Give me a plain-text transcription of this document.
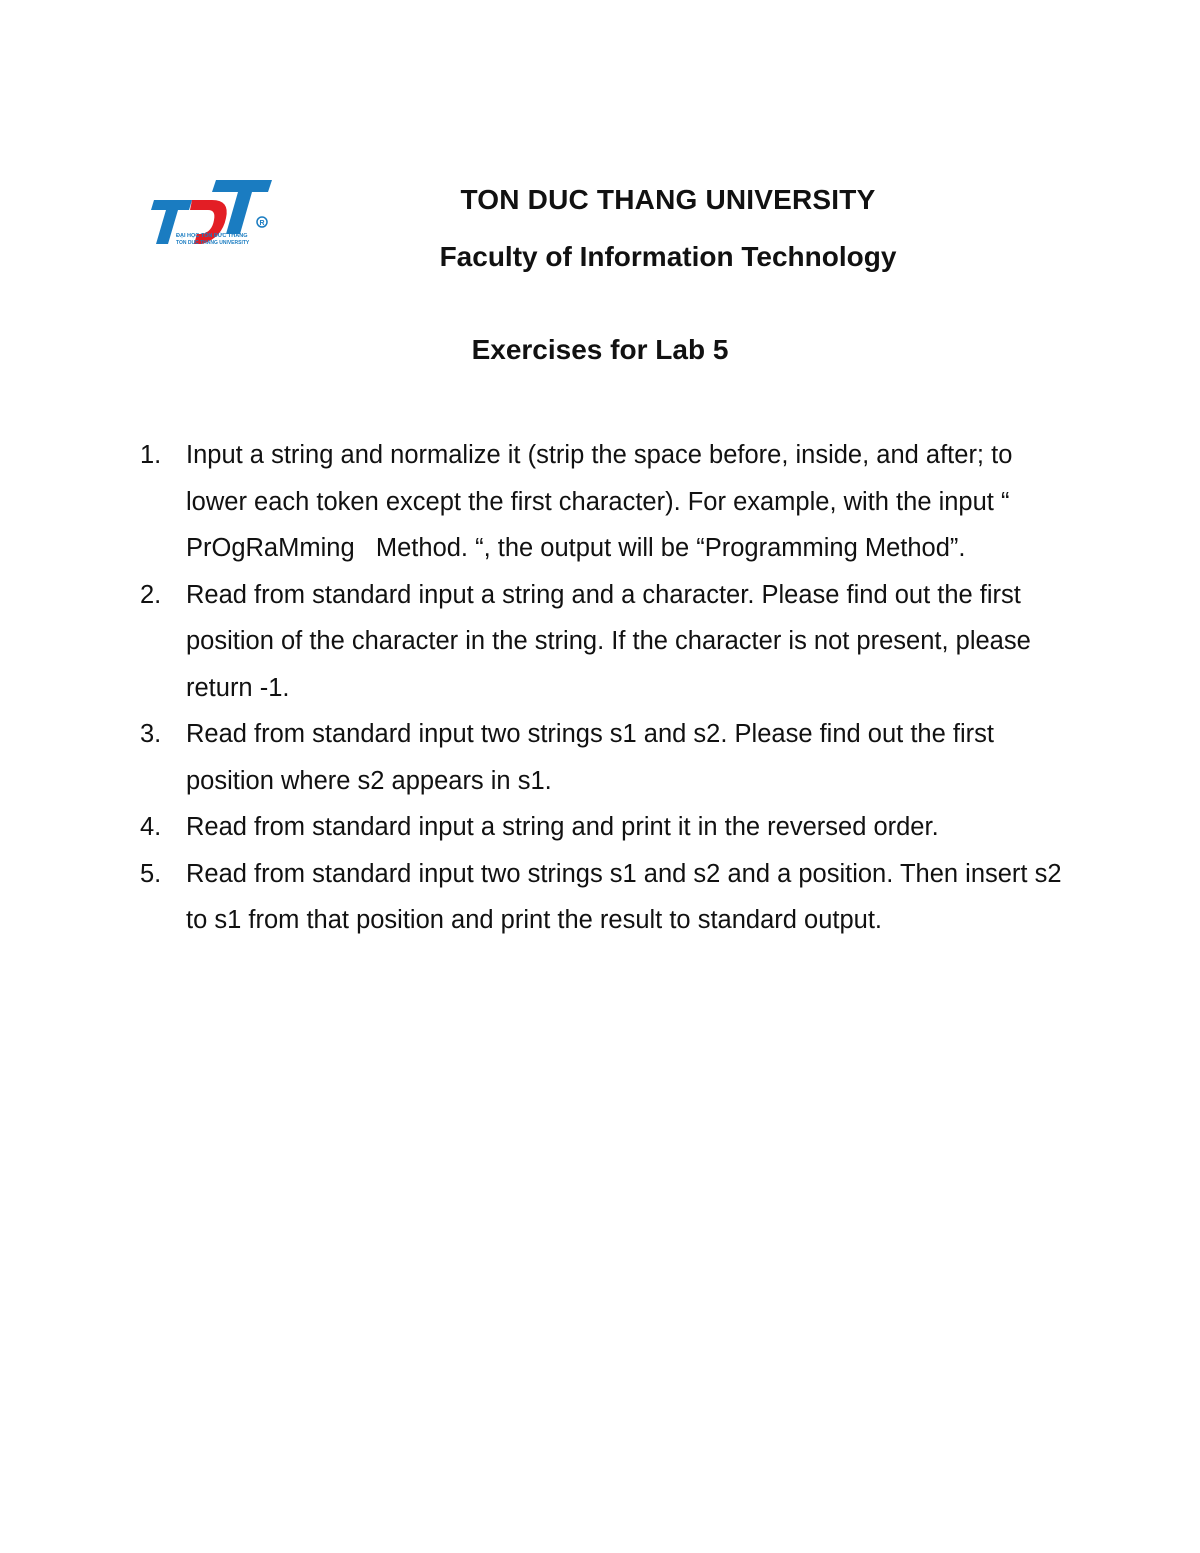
R
ĐẠI HỌC TÔN ĐỨC THẮNG
TON DUC THANG UNIVERSITY
TON DUC THANG UNIVERSITY
Faculty of Information Technology
Exercises for Lab 5
1. Input a string and normalize it (strip the space before, inside, and after; to lower each token except the first character). For example, with the input “  PrOgRaMming   Method. “, the output will be “Programming Method”.
2. Read from standard input a string and a character. Please find out the first position of the character in the string. If the character is not present, please return -1.
3. Read from standard input two strings s1 and s2. Please find out the first position where s2 appears in s1.
4. Read from standard input a string and print it in the reversed order.
5. Read from standard input two strings s1 and s2 and a position. Then insert s2 to s1 from that position and print the result to standard output.
